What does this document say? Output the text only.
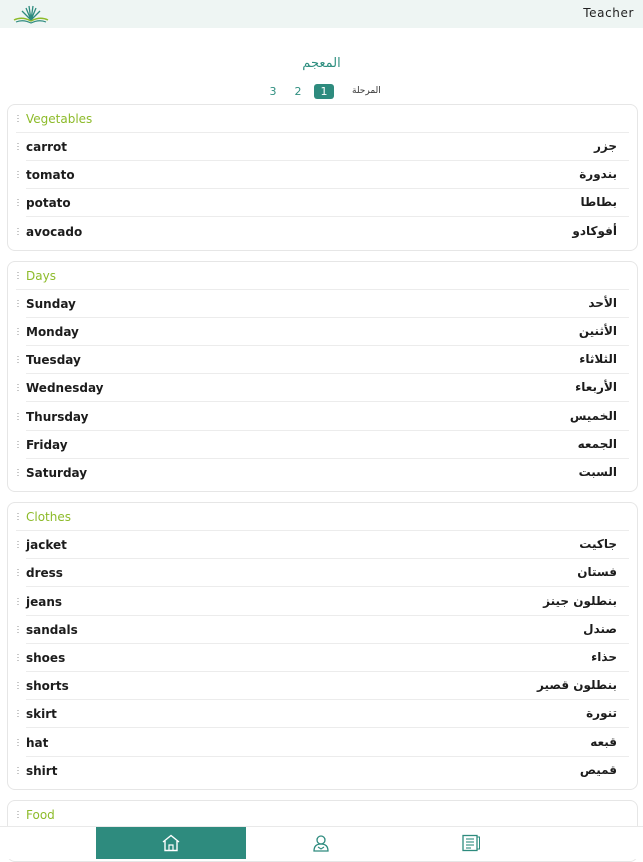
Teacher
المعجم
3	2	1	المرحلة
Vegetables
carrot	جزر
tomato	بندورة
potato	بطاطا
avocado	أفوكادو
Days
Sunday	الأحد
Monday	الأثنين
Tuesday	الثلاثاء
Wednesday	الأربعاء
Thursday	الخميس
Friday	الجمعه
Saturday	السبت
Clothes
jacket	جاكيت
dress	فستان
jeans	بنطلون جينز
sandals	صندل
shoes	حذاء
shorts	بنطلون قصير
skirt	تنورة
hat	قبعه
shirt	قميص
Food
